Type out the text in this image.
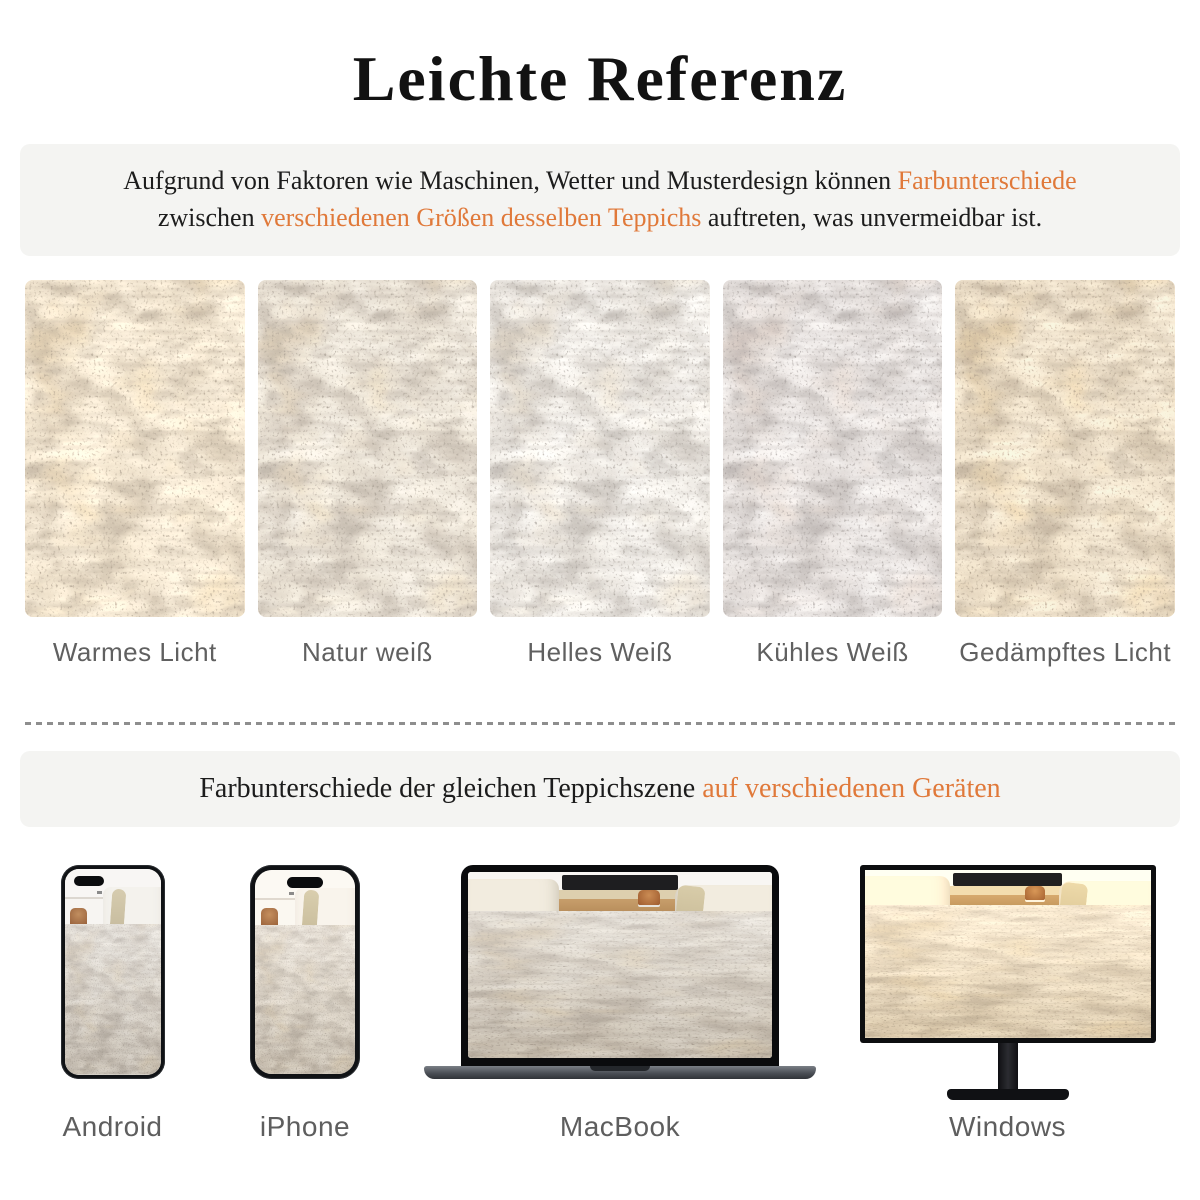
Leichte Referenz

Aufgrund von Faktoren wie Maschinen, Wetter und Musterdesign können Farbunterschiede
zwischen verschiedenen Größen desselben Teppichs auftreten, was unvermeidbar ist.

Warmes Licht	Natur weiß	Helles Weiß	Kühles Weiß	Gedämpftes Licht

Farbunterschiede der gleichen Teppichszene auf verschiedenen Geräten

Android	iPhone	MacBook	Windows
